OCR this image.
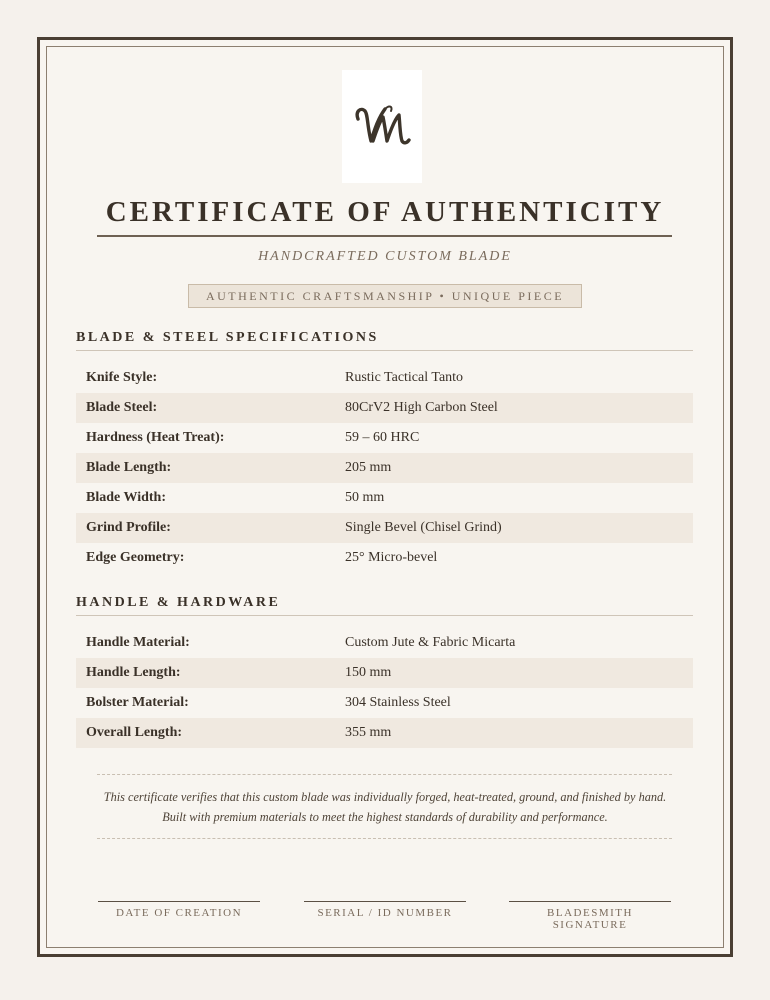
CERTIFICATE OF AUTHENTICITY
HANDCRAFTED CUSTOM BLADE
AUTHENTIC CRAFTSMANSHIP • UNIQUE PIECE
BLADE & STEEL SPECIFICATIONS
Knife Style:	Rustic Tactical Tanto
Blade Steel:	80CrV2 High Carbon Steel
Hardness (Heat Treat):	59 – 60 HRC
Blade Length:	205 mm
Blade Width:	50 mm
Grind Profile:	Single Bevel (Chisel Grind)
Edge Geometry:	25° Micro-bevel
HANDLE & HARDWARE
Handle Material:	Custom Jute & Fabric Micarta
Handle Length:	150 mm
Bolster Material:	304 Stainless Steel
Overall Length:	355 mm
This certificate verifies that this custom blade was individually forged, heat-treated, ground, and finished by hand. Built with premium materials to meet the highest standards of durability and performance.
DATE OF CREATION	SERIAL / ID NUMBER	BLADESMITH SIGNATURE
